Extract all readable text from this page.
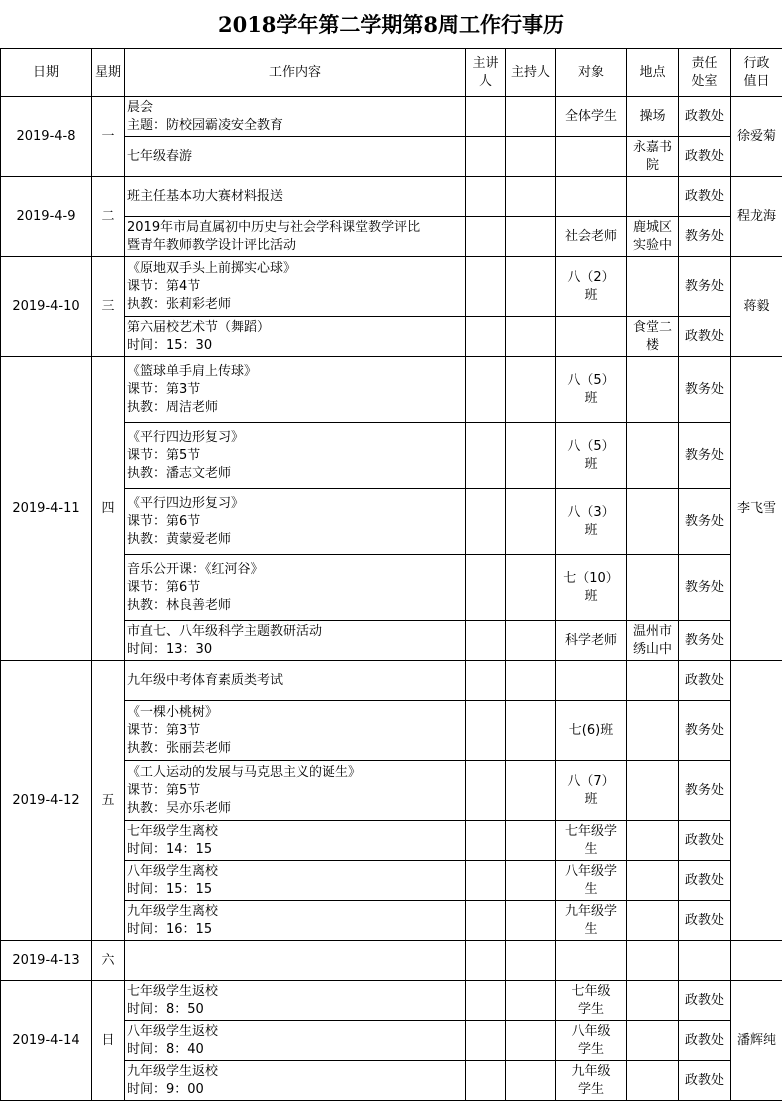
2018学年第二学期第8周工作行事历
日期	星期	工作内容	主讲
人	主持人	对象	地点	责任
处室	行政
值日

2019-4-8	一	晨会
主题：防校园霸凌安全教育			全体学生	操场	政教处	徐爱菊

		七年级春游				永嘉书
院	政教处	
2019-4-9	二	班主任基本功大赛材料报送					政教处	程龙海

		2019年市局直属初中历史与社会学科课堂教学评比
暨青年教师教学设计评比活动			社会老师	鹿城区
实验中	教务处	
2019-4-10	三	《原地双手头上前掷实心球》
课节：第4节
执教：张莉彩老师			八（2）
班		教务处	蒋毅

		第六届校艺术节（舞蹈）
时间：15：30				食堂二
楼	政教处	
2019-4-11	四	《篮球单手肩上传球》
课节：第3节
执教：周洁老师			八（5）
班		教务处	李飞雪

		《平行四边形复习》
课节：第5节
执教：潘志文老师			八（5）
班		教务处	

		《平行四边形复习》
课节：第6节
执教：黄蒙爱老师			八（3）
班		教务处	

		音乐公开课：《红河谷》
课节：第6节
执教：林良善老师			七（10）
班		教务处	

		市直七、八年级科学主题教研活动
时间：13：30			科学老师	温州市
绣山中	教务处	
2019-4-12	五	九年级中考体育素质类考试					政教处	

		《一棵小桃树》
课节：第3节
执教：张丽芸老师			七(6)班		教务处	

		《工人运动的发展与马克思主义的诞生》
课节：第5节
执教：吴亦乐老师			八（7）
班		教务处	

		七年级学生离校
时间：14：15			七年级学
生		政教处	

		八年级学生离校
时间：15：15			八年级学
生		政教处	

		九年级学生离校
时间：16：15			九年级学
生		政教处	
2019-4-13	六					

2019-4-14	日	七年级学生返校
时间：8：50			七年级
学生		政教处	潘辉纯

		八年级学生返校
时间：8：40			八年级
学生		政教处	

		九年级学生返校
时间：9：00			九年级
学生		政教处	
